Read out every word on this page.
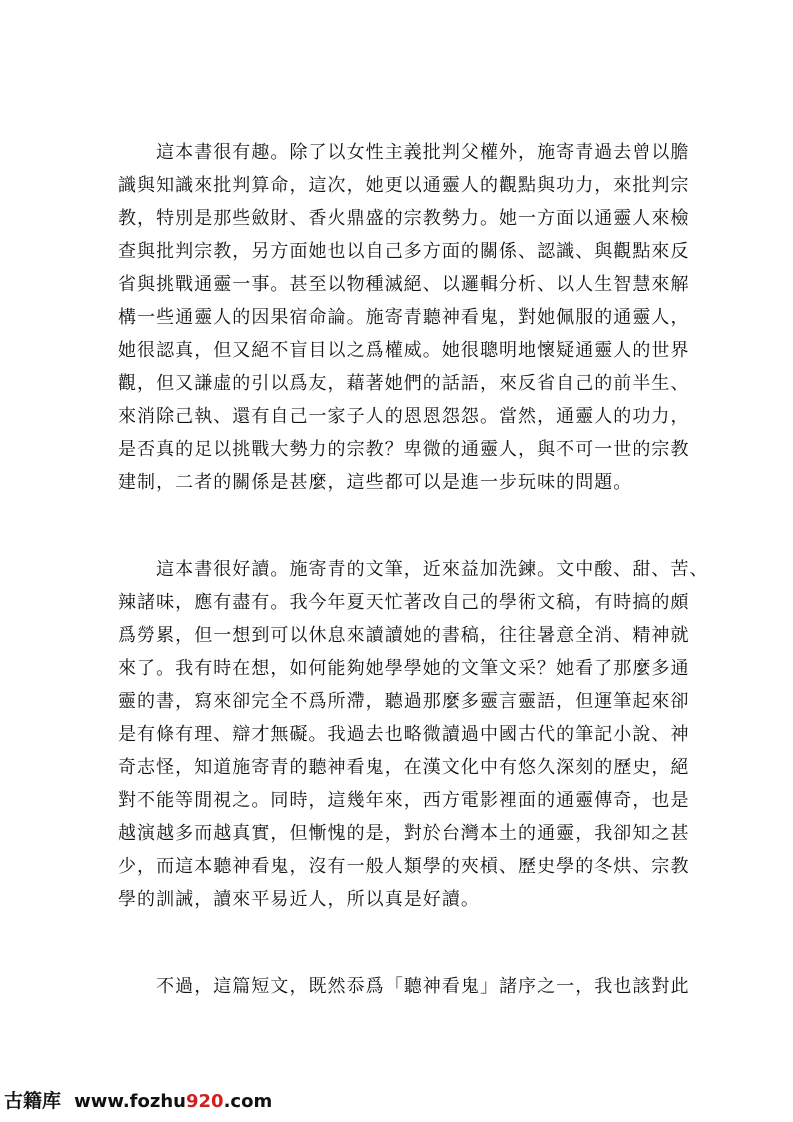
　　這本書很有趣。除了以女性主義批判父權外，施寄青過去曾以膽
識與知識來批判算命，這次，她更以通靈人的觀點與功力，來批判宗
教，特別是那些斂財、香火鼎盛的宗教勢力。她一方面以通靈人來檢
查與批判宗教，另方面她也以自己多方面的關係、認識、與觀點來反
省與挑戰通靈一事。甚至以物種滅絕、以邏輯分析、以人生智慧來解
構一些通靈人的因果宿命論。施寄青聽神看鬼，對她佩服的通靈人，
她很認真，但又絕不盲目以之爲權威。她很聰明地懷疑通靈人的世界
觀，但又謙虛的引以爲友，藉著她們的話語，來反省自己的前半生、
來消除己執、還有自己一家子人的恩恩怨怨。當然，通靈人的功力，
是否真的足以挑戰大勢力的宗教？卑微的通靈人，與不可一世的宗教
建制，二者的關係是甚麼，這些都可以是進一步玩味的問題。
　　這本書很好讀。施寄青的文筆，近來益加洗鍊。文中酸、甜、苦、
辣諸味，應有盡有。我今年夏天忙著改自己的學術文稿，有時搞的頗
爲勞累，但一想到可以休息來讀讀她的書稿，往往暑意全消、精神就
來了。我有時在想，如何能夠她學學她的文筆文采？她看了那麼多通
靈的書，寫來卻完全不爲所滯，聽過那麼多靈言靈語，但運筆起來卻
是有條有理、辯才無礙。我過去也略微讀過中國古代的筆記小說、神
奇志怪，知道施寄青的聽神看鬼，在漢文化中有悠久深刻的歷史，絕
對不能等閒視之。同時，這幾年來，西方電影裡面的通靈傳奇，也是
越演越多而越真實，但慚愧的是，對於台灣本土的通靈，我卻知之甚
少，而這本聽神看鬼，沒有一般人類學的夾槓、歷史學的冬烘、宗教
學的訓誡，讀來平易近人，所以真是好讀。
　　不過，這篇短文，既然忝爲「聽神看鬼」諸序之一，我也該對此
古籍库 www.fozhu920.com
